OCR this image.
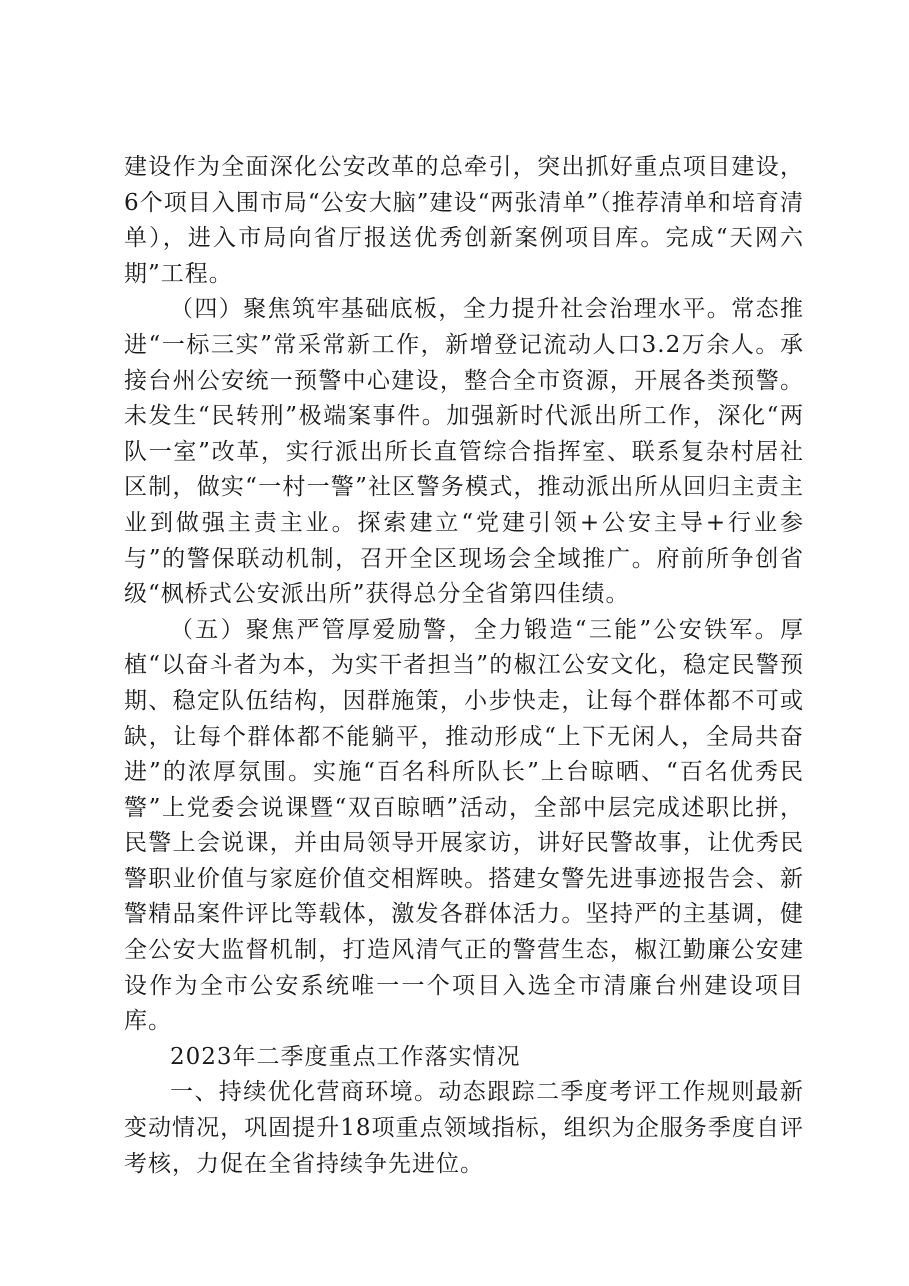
建设作为全面深化公安改革的总牵引，突出抓好重点项目建设，6个项目入围市局“公安大脑”建设“两张清单”（推荐清单和培育清单），进入市局向省厅报送优秀创新案例项目库。完成“天网六期”工程。

（四）聚焦筑牢基础底板，全力提升社会治理水平。常态推进“一标三实”常采常新工作，新增登记流动人口3.2万余人。承接台州公安统一预警中心建设，整合全市资源，开展各类预警。未发生“民转刑”极端案事件。加强新时代派出所工作，深化“两队一室”改革，实行派出所长直管综合指挥室、联系复杂村居社区制，做实“一村一警”社区警务模式，推动派出所从回归主责主业到做强主责主业。探索建立“党建引领+公安主导+行业参与”的警保联动机制，召开全区现场会全域推广。府前所争创省级“枫桥式公安派出所”获得总分全省第四佳绩。

（五）聚焦严管厚爱励警，全力锻造“三能”公安铁军。厚植“以奋斗者为本，为实干者担当”的椒江公安文化，稳定民警预期、稳定队伍结构，因群施策，小步快走，让每个群体都不可或缺，让每个群体都不能躺平，推动形成“上下无闲人，全局共奋进”的浓厚氛围。实施“百名科所队长”上台晾晒、“百名优秀民警”上党委会说课暨“双百晾晒”活动，全部中层完成述职比拼，民警上会说课，并由局领导开展家访，讲好民警故事，让优秀民警职业价值与家庭价值交相辉映。搭建女警先进事迹报告会、新警精品案件评比等载体，激发各群体活力。坚持严的主基调，健全公安大监督机制，打造风清气正的警营生态，椒江勤廉公安建设作为全市公安系统唯一一个项目入选全市清廉台州建设项目库。

2023年二季度重点工作落实情况

一、持续优化营商环境。动态跟踪二季度考评工作规则最新变动情况，巩固提升18项重点领域指标，组织为企服务季度自评考核，力促在全省持续争先进位。
